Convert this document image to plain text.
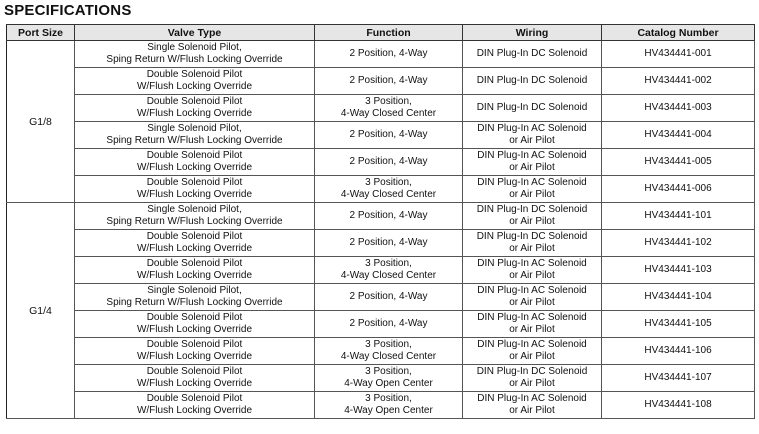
SPECIFICATIONS
Port Size	Valve Type	Function	Wiring	Catalog Number
G1/8	Single Solenoid Pilot,
Sping Return W/Flush Locking Override	2 Position, 4-Way	DIN Plug-In DC Solenoid	HV434441-001

	Double Solenoid Pilot
W/Flush Locking Override	2 Position, 4-Way	DIN Plug-In DC Solenoid	HV434441-002

	Double Solenoid Pilot
W/Flush Locking Override	3 Position,
4-Way Closed Center	DIN Plug-In DC Solenoid	HV434441-003

	Single Solenoid Pilot,
Sping Return W/Flush Locking Override	2 Position, 4-Way	DIN Plug-In AC Solenoid
or Air Pilot	HV434441-004

	Double Solenoid Pilot
W/Flush Locking Override	2 Position, 4-Way	DIN Plug-In AC Solenoid
or Air Pilot	HV434441-005

	Double Solenoid Pilot
W/Flush Locking Override	3 Position,
4-Way Closed Center	DIN Plug-In AC Solenoid
or Air Pilot	HV434441-006
G1/4	Single Solenoid Pilot,
Sping Return W/Flush Locking Override	2 Position, 4-Way	DIN Plug-In DC Solenoid
or Air Pilot	HV434441-101

	Double Solenoid Pilot
W/Flush Locking Override	2 Position, 4-Way	DIN Plug-In DC Solenoid
or Air Pilot	HV434441-102

	Double Solenoid Pilot
W/Flush Locking Override	3 Position,
4-Way Closed Center	DIN Plug-In AC Solenoid
or Air Pilot	HV434441-103

	Single Solenoid Pilot,
Sping Return W/Flush Locking Override	2 Position, 4-Way	DIN Plug-In AC Solenoid
or Air Pilot	HV434441-104

	Double Solenoid Pilot
W/Flush Locking Override	2 Position, 4-Way	DIN Plug-In AC Solenoid
or Air Pilot	HV434441-105

	Double Solenoid Pilot
W/Flush Locking Override	3 Position,
4-Way Closed Center	DIN Plug-In AC Solenoid
or Air Pilot	HV434441-106

	Double Solenoid Pilot
W/Flush Locking Override	3 Position,
4-Way Open Center	DIN Plug-In DC Solenoid
or Air Pilot	HV434441-107

	Double Solenoid Pilot
W/Flush Locking Override	3 Position,
4-Way Open Center	DIN Plug-In AC Solenoid
or Air Pilot	HV434441-108
